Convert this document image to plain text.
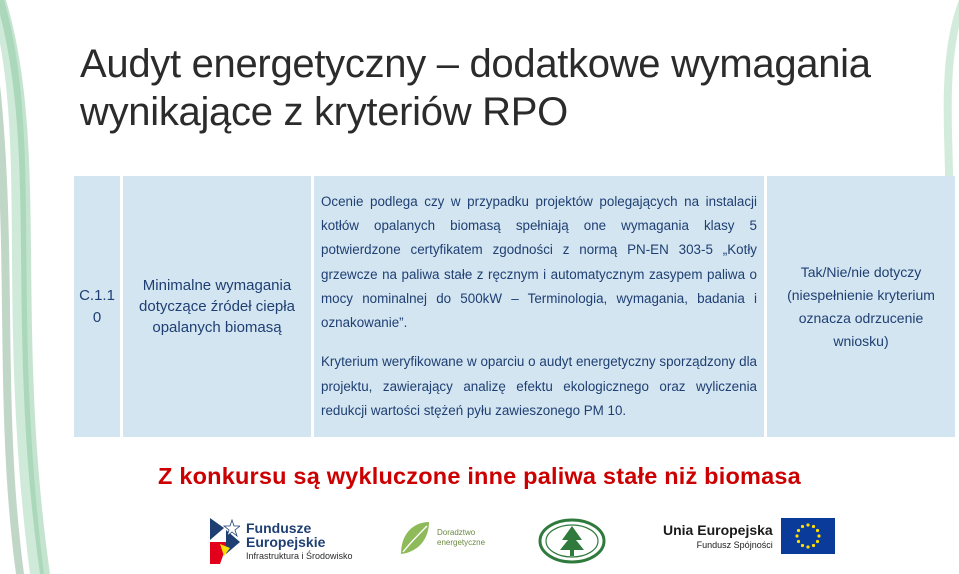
Audyt energetyczny – dodatkowe wymagania
wynikające z kryteriów RPO
C.1.1 0
Minimalne wymagania dotyczące źródeł ciepła opalanych biomasą

Ocenie podlega czy w przypadku projektów polegających na instalacji kotłów opalanych biomasą spełniają one wymagania klasy 5 potwierdzone certyfikatem zgodności z normą PN-EN 303-5 „Kotły grzewcze na paliwa stałe z ręcznym i automatycznym zasypem paliwa o mocy nominalnej do 500kW – Terminologia, wymagania, badania i oznakowanie”.

Kryterium weryfikowane w oparciu o audyt energetyczny sporządzony dla projektu, zawierający analizę efektu ekologicznego oraz wyliczenia redukcji wartości stężeń pyłu zawieszonego PM 10.

Tak/Nie/nie dotyczy (niespełnienie kryterium oznacza odrzucenie wniosku)
Z konkursu są wykluczone inne paliwa stałe niż biomasa
Fundusze
Europejskie
Infrastruktura i Środowisko
Doradztwo
energetyczne
Unia Europejska
Fundusz Spójności
